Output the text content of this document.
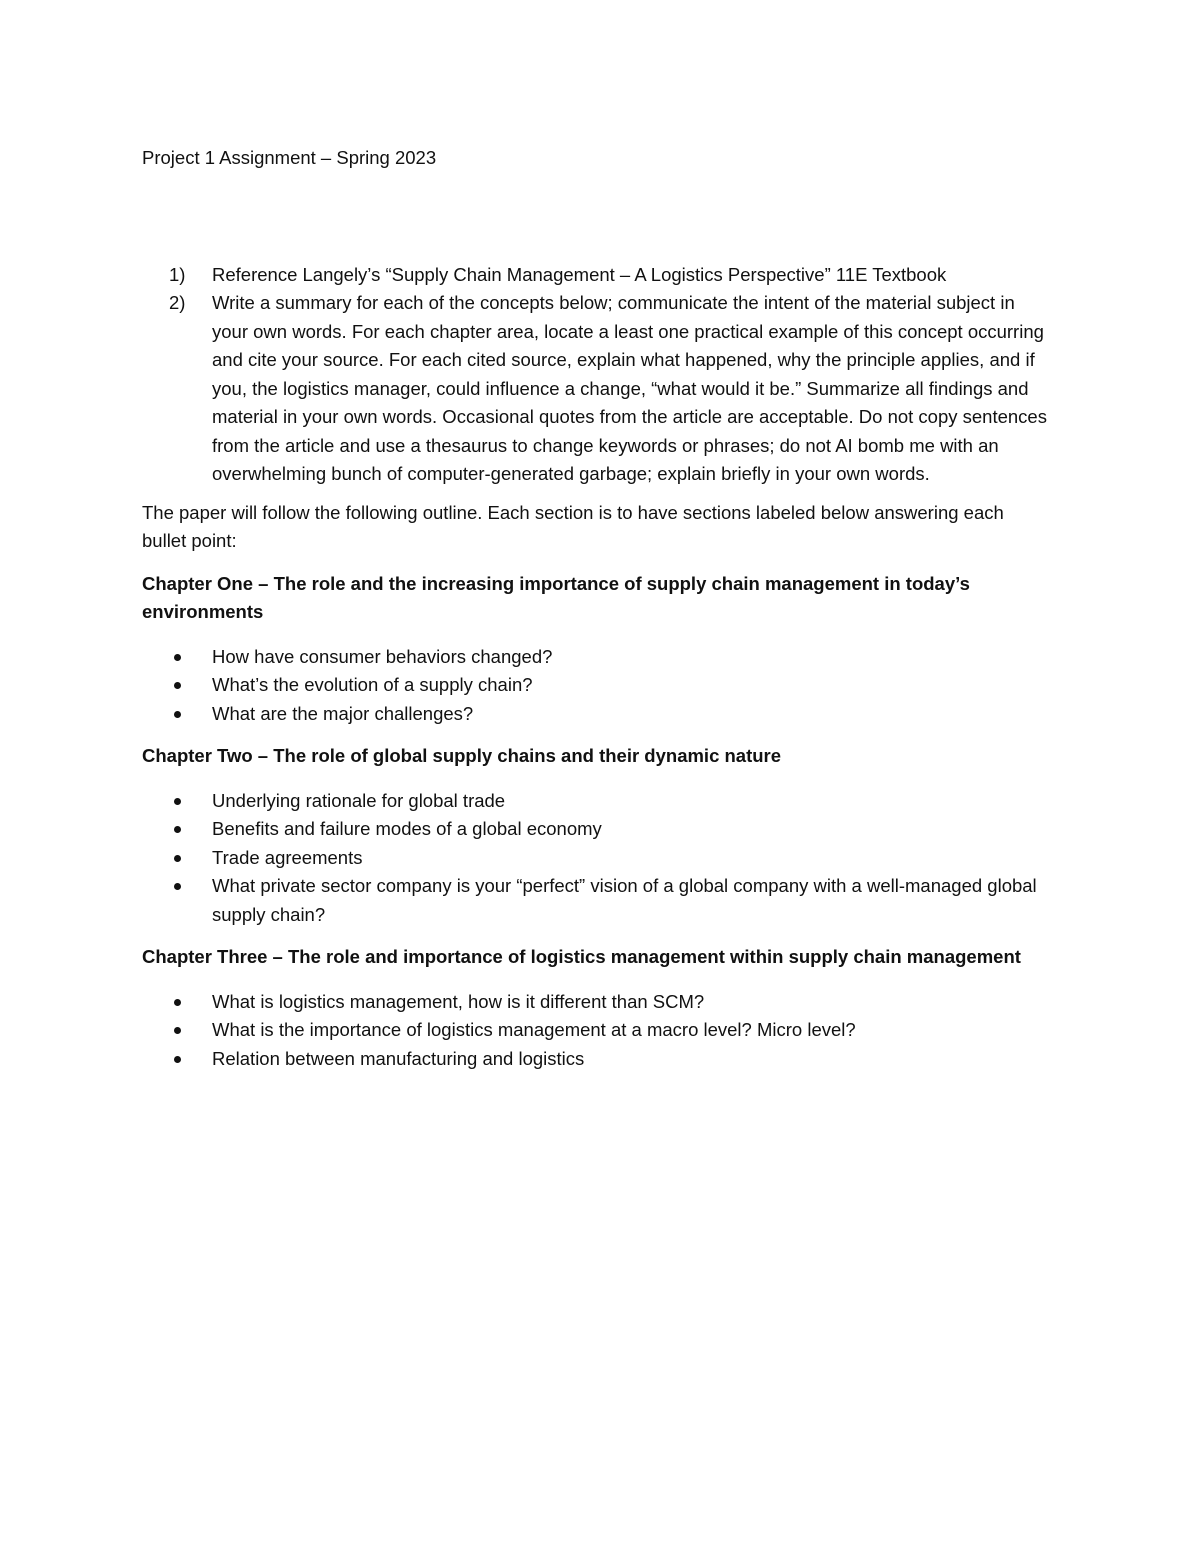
Project 1 Assignment – Spring 2023
1) Reference Langely’s “Supply Chain Management – A Logistics Perspective” 11E Textbook
2) Write a summary for each of the concepts below; communicate the intent of the material subject in your own words. For each chapter area, locate a least one practical example of this concept occurring and cite your source. For each cited source, explain what happened, why the principle applies, and if you, the logistics manager, could influence a change, “what would it be.” Summarize all findings and material in your own words. Occasional quotes from the article are acceptable. Do not copy sentences from the article and use a thesaurus to change keywords or phrases; do not AI bomb me with an overwhelming bunch of computer-generated garbage; explain briefly in your own words.

The paper will follow the following outline. Each section is to have sections labeled below answering each bullet point:

Chapter One – The role and the increasing importance of supply chain management in today’s environments
How have consumer behaviors changed?
What’s the evolution of a supply chain?
What are the major challenges?
Chapter Two – The role of global supply chains and their dynamic nature
Underlying rationale for global trade
Benefits and failure modes of a global economy
Trade agreements
What private sector company is your “perfect” vision of a global company with a well-managed global supply chain?
Chapter Three – The role and importance of logistics management within supply chain management
What is logistics management, how is it different than SCM?
What is the importance of logistics management at a macro level? Micro level?
Relation between manufacturing and logistics
